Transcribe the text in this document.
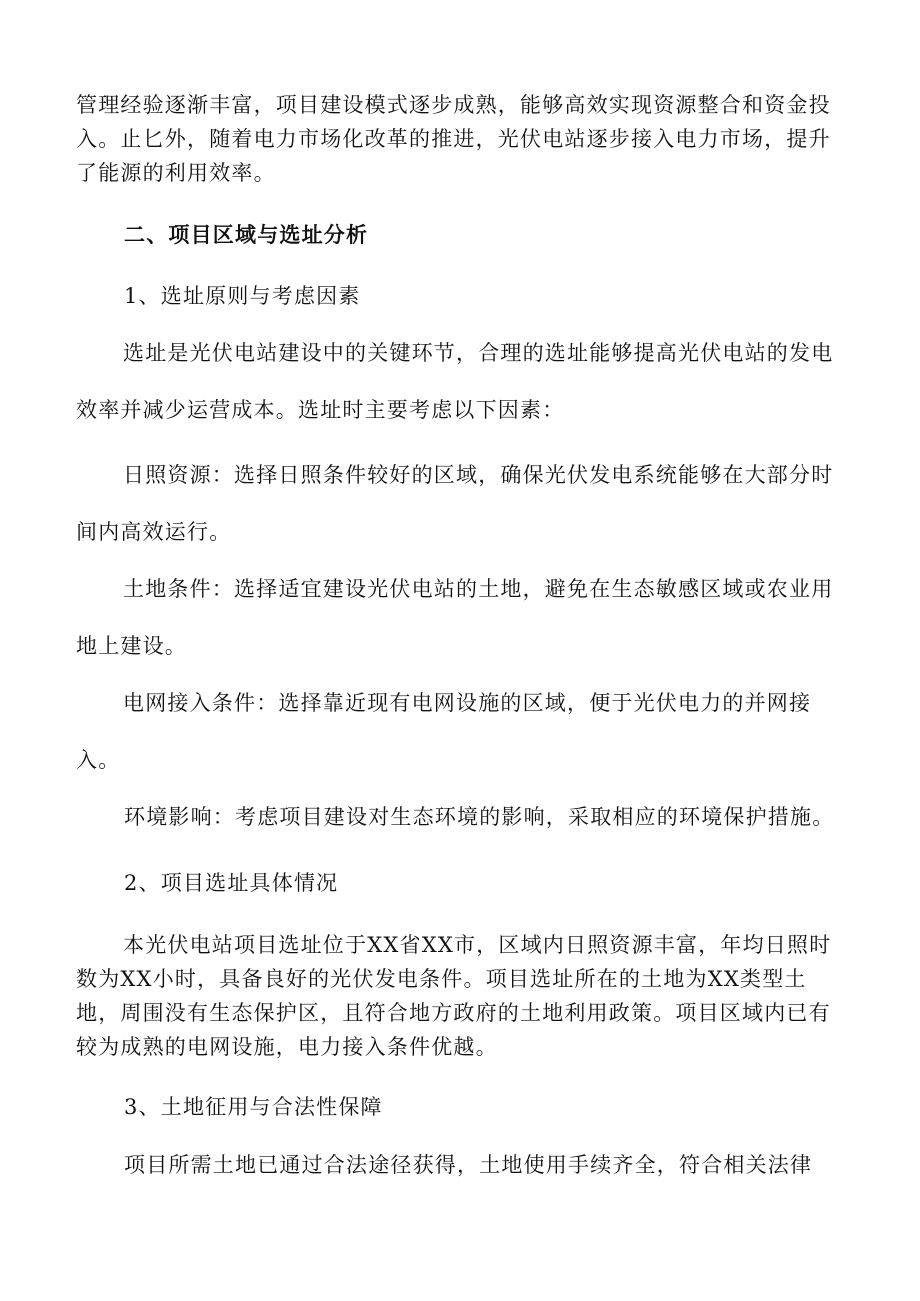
管理经验逐渐丰富，项目建设模式逐步成熟，能够高效实现资源整合和资金投入。止匕外，随着电力市场化改革的推进，光伏电站逐步接入电力市场，提升了能源的利用效率。

二、项目区域与选址分析

1、选址原则与考虑因素

选址是光伏电站建设中的关键环节，合理的选址能够提高光伏电站的发电效率并减少运营成本。选址时主要考虑以下因素：

日照资源：选择日照条件较好的区域，确保光伏发电系统能够在大部分时间内高效运行。

土地条件：选择适宜建设光伏电站的土地，避免在生态敏感区域或农业用地上建设。

电网接入条件：选择靠近现有电网设施的区域，便于光伏电力的并网接入。

环境影响：考虑项目建设对生态环境的影响，采取相应的环境保护措施。

2、项目选址具体情况

本光伏电站项目选址位于XX省XX市，区域内日照资源丰富，年均日照时数为XX小时，具备良好的光伏发电条件。项目选址所在的土地为XX类型土地，周围没有生态保护区，且符合地方政府的土地利用政策。项目区域内已有较为成熟的电网设施，电力接入条件优越。

3、土地征用与合法性保障

项目所需土地已通过合法途径获得，土地使用手续齐全，符合相关法律
